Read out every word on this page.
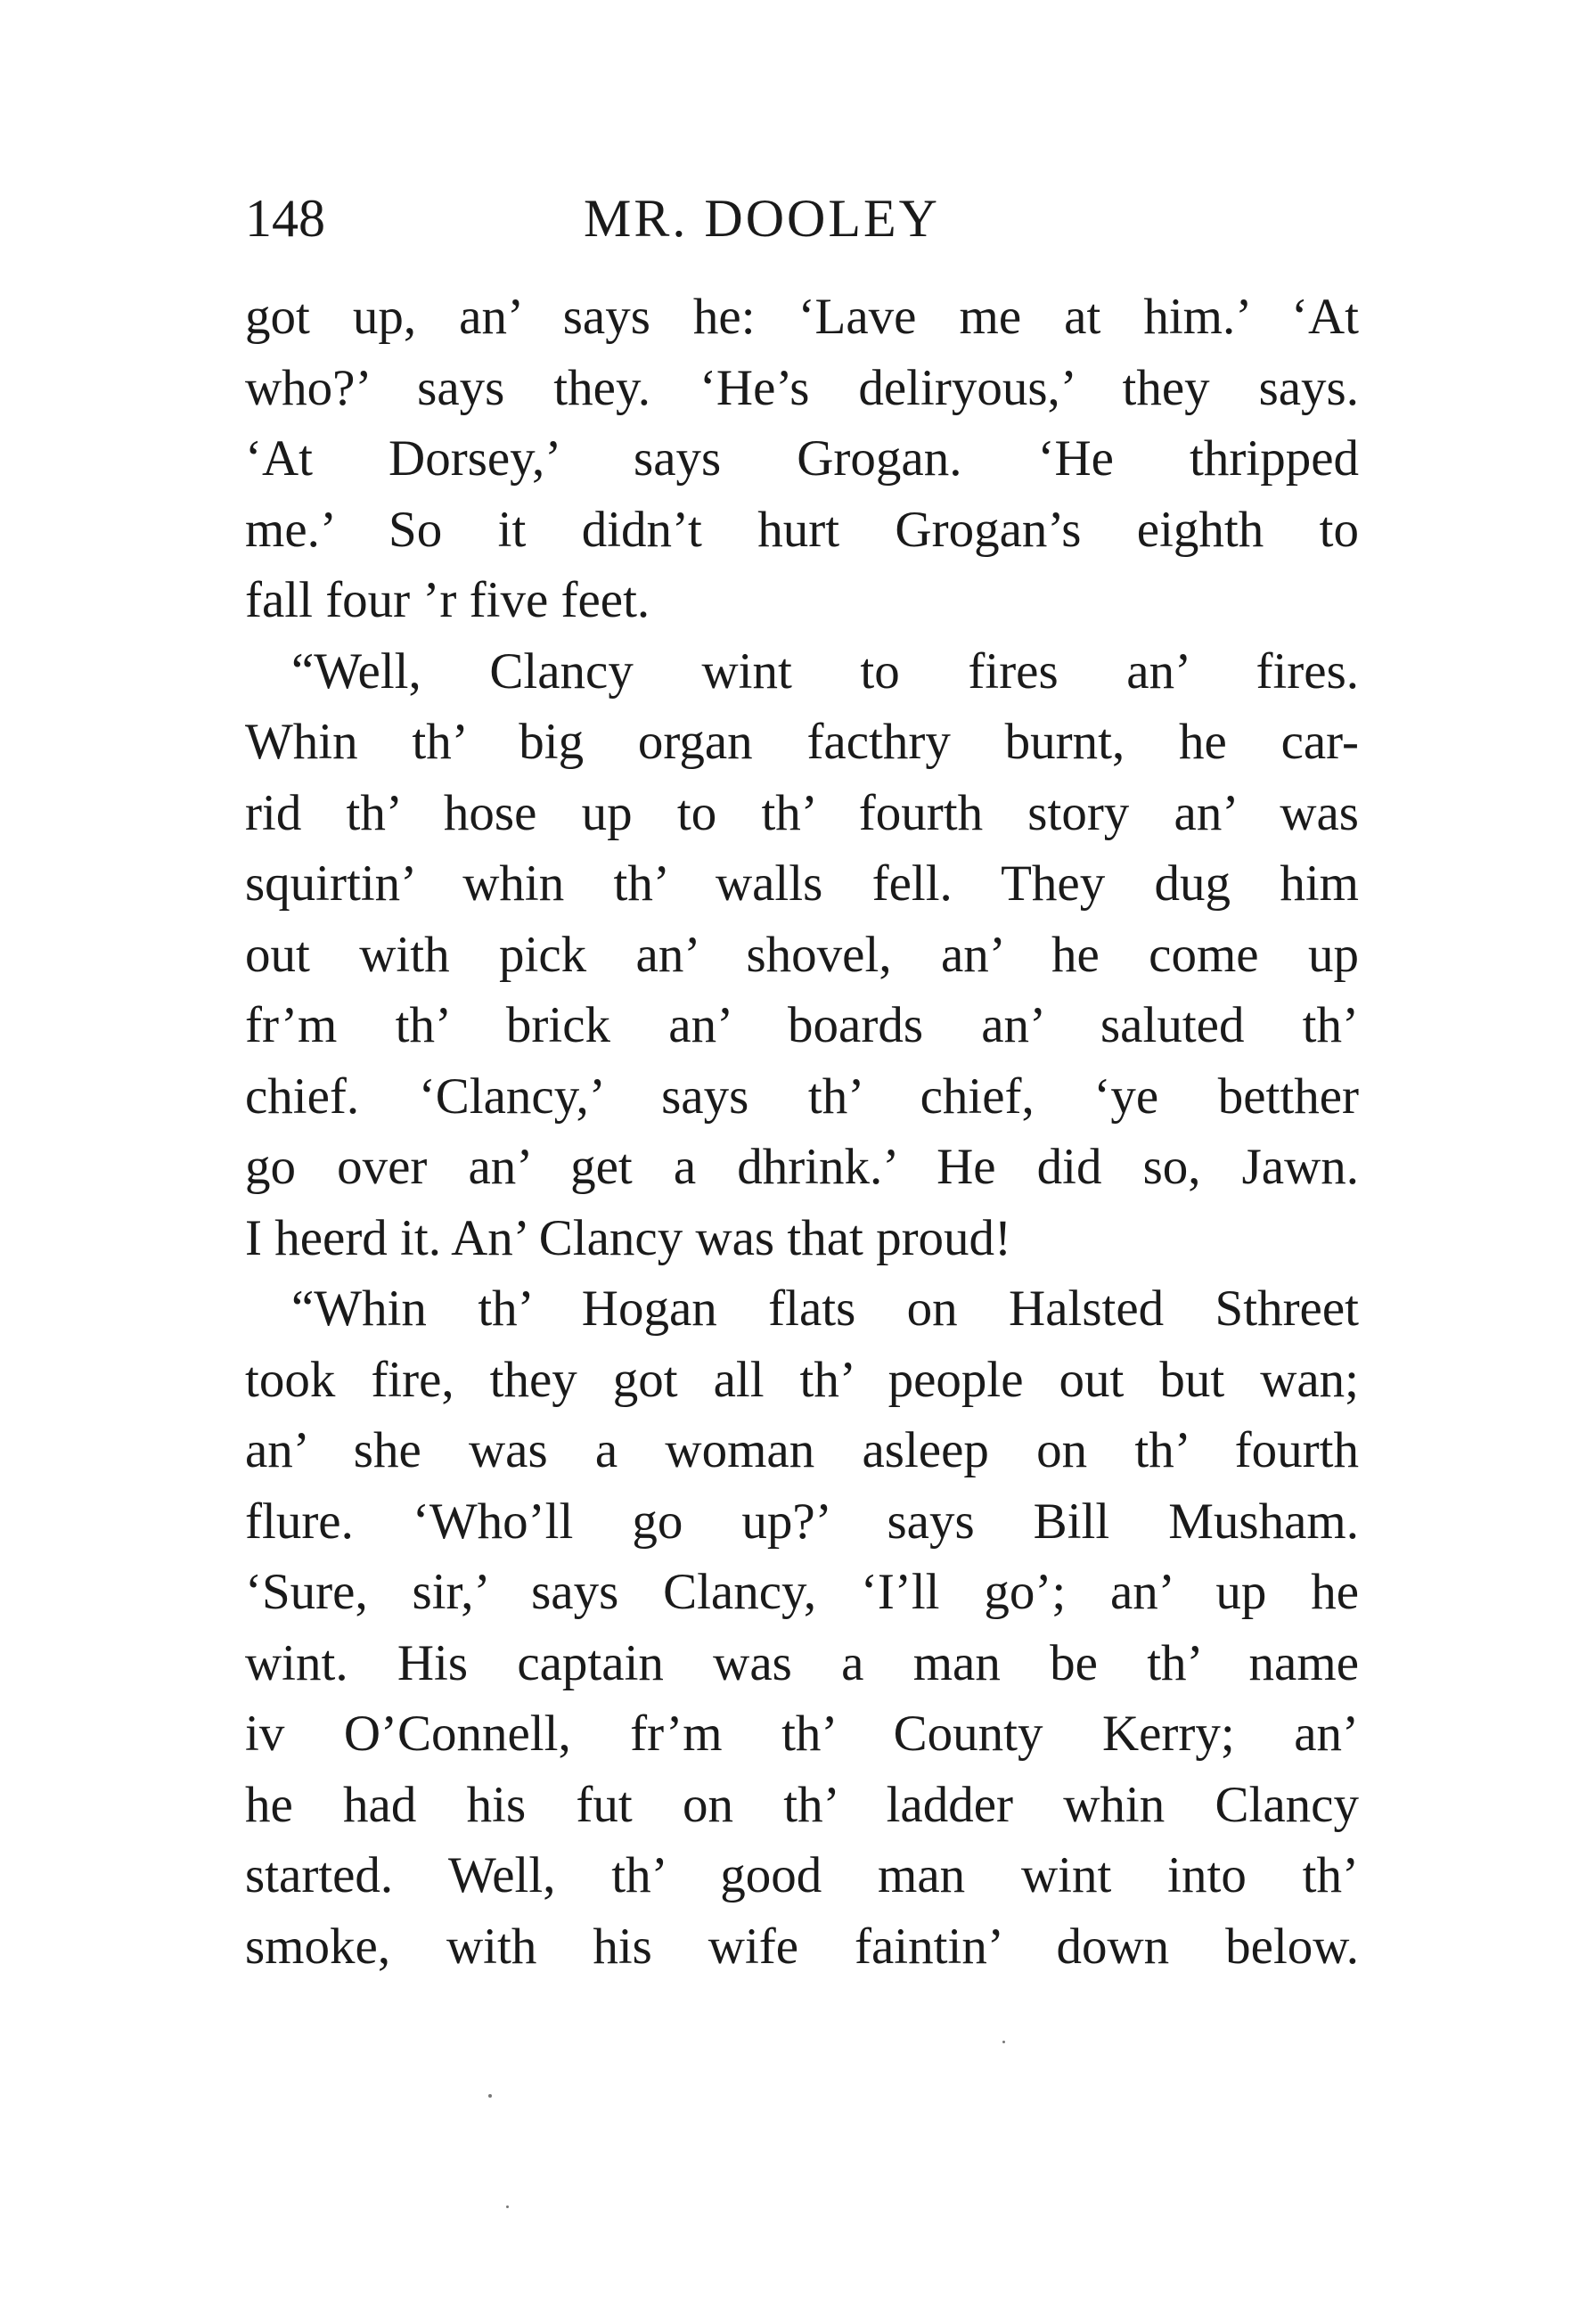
148	MR. DOOLEY
got up, an’ says he: ‘Lave me at him.’ ‘At
who?’ says they. ‘He’s deliryous,’ they says.
‘At Dorsey,’ says Grogan. ‘He thripped
me.’ So it didn’t hurt Grogan’s eighth to
fall four ’r five feet.
“Well, Clancy wint to fires an’ fires.
Whin th’ big organ facthry burnt, he car-
rid th’ hose up to th’ fourth story an’ was
squirtin’ whin th’ walls fell. They dug him
out with pick an’ shovel, an’ he come up
fr’m th’ brick an’ boards an’ saluted th’
chief. ‘Clancy,’ says th’ chief, ‘ye betther
go over an’ get a dhrink.’ He did so, Jawn.
I heerd it. An’ Clancy was that proud!
“Whin th’ Hogan flats on Halsted Sthreet
took fire, they got all th’ people out but wan;
an’ she was a woman asleep on th’ fourth
flure. ‘Who’ll go up?’ says Bill Musham.
‘Sure, sir,’ says Clancy, ‘I’ll go’; an’ up he
wint. His captain was a man be th’ name
iv O’Connell, fr’m th’ County Kerry; an’
he had his fut on th’ ladder whin Clancy
started. Well, th’ good man wint into th’
smoke, with his wife faintin’ down below.
